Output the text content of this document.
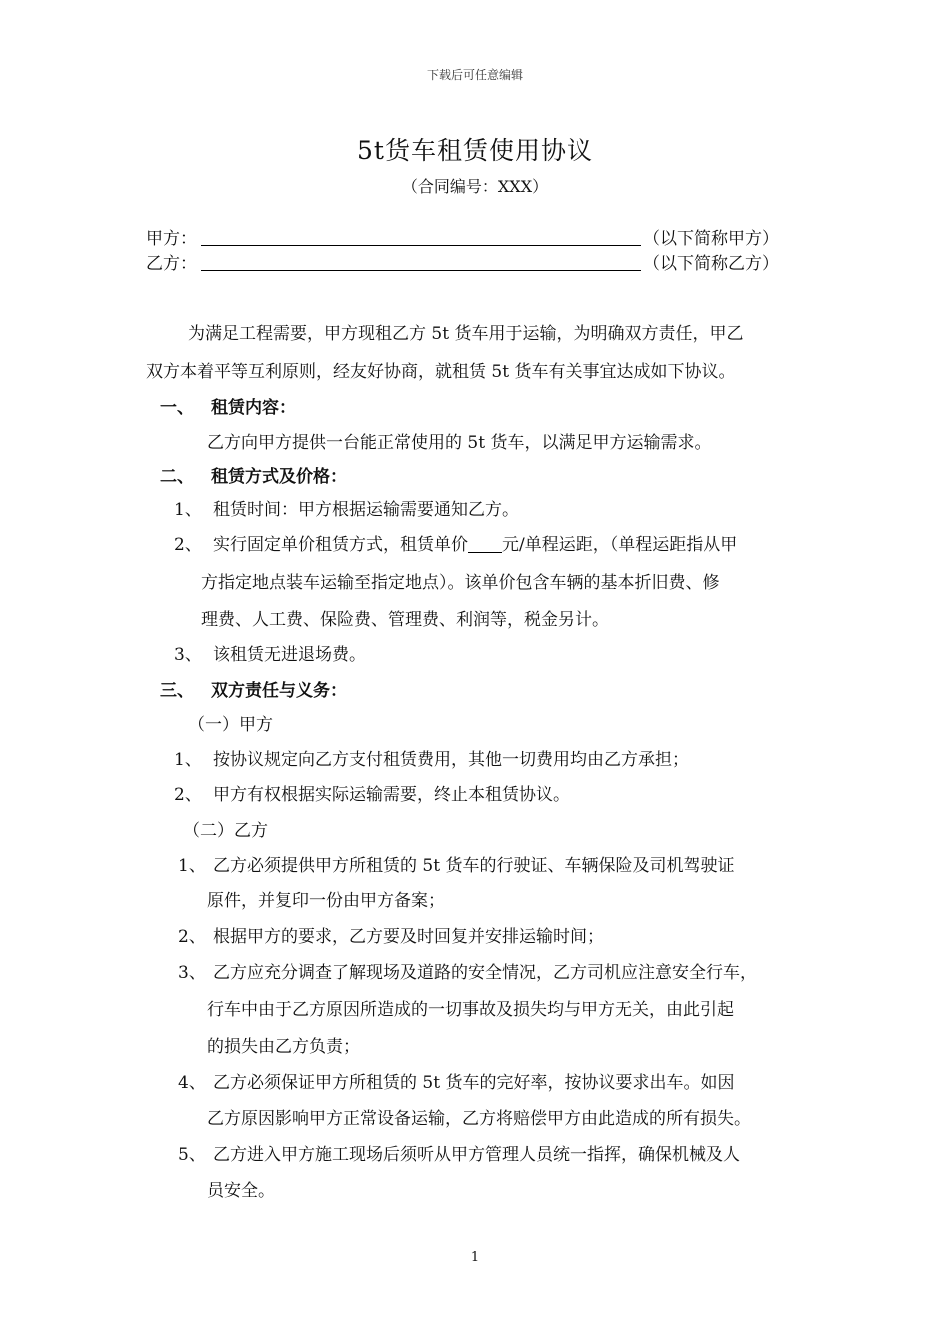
下载后可任意编辑
5t货车租赁使用协议
（合同编号：XXX）
甲方：	（以下简称甲方）
乙方：	（以下简称乙方）
为满足工程需要，甲方现租乙方 5t 货车用于运输，为明确双方责任，甲乙
双方本着平等互利原则，经友好协商，就租赁 5t 货车有关事宜达成如下协议。
一、 租赁内容：
乙方向甲方提供一台能正常使用的 5t 货车，以满足甲方运输需求。
二、 租赁方式及价格：
1、 租赁时间：甲方根据运输需要通知乙方。
2、 实行固定单价租赁方式，租赁单价 元/单程运距，（单程运距指从甲
方指定地点装车运输至指定地点）。该单价包含车辆的基本折旧费、修
理费、人工费、保险费、管理费、利润等，税金另计。
3、 该租赁无进退场费。
三、 双方责任与义务：
（一）甲方
1、 按协议规定向乙方支付租赁费用，其他一切费用均由乙方承担；
2、 甲方有权根据实际运输需要，终止本租赁协议。
（二）乙方
1、 乙方必须提供甲方所租赁的 5t 货车的行驶证、车辆保险及司机驾驶证
原件，并复印一份由甲方备案；
2、 根据甲方的要求，乙方要及时回复并安排运输时间；
3、 乙方应充分调查了解现场及道路的安全情况，乙方司机应注意安全行车，
行车中由于乙方原因所造成的一切事故及损失均与甲方无关，由此引起
的损失由乙方负责；
4、 乙方必须保证甲方所租赁的 5t 货车的完好率，按协议要求出车。如因
乙方原因影响甲方正常设备运输，乙方将赔偿甲方由此造成的所有损失。
5、 乙方进入甲方施工现场后须听从甲方管理人员统一指挥，确保机械及人
员安全。
1
